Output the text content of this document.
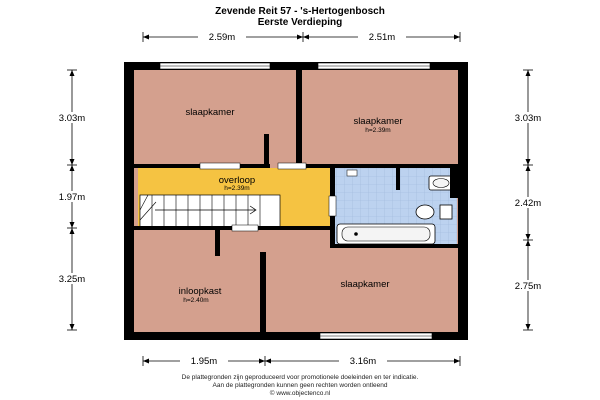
Zevende Reit 57 - 's-Hertogenbosch
Eerste Verdieping
2.59m	2.51m
1.95m	3.16m
3.03m
1.97m
3.25m
3.03m
2.42m
2.75m
slaapkamer
slaapkamer
h=2.39m
overloop
h=2.39m
inloopkast
h=2.40m
slaapkamer
De plattegronden zijn geproduceerd voor promotionele doeleinden en ter indicatie.
Aan de plattegronden kunnen geen rechten worden ontleend
© www.objectenco.nl
